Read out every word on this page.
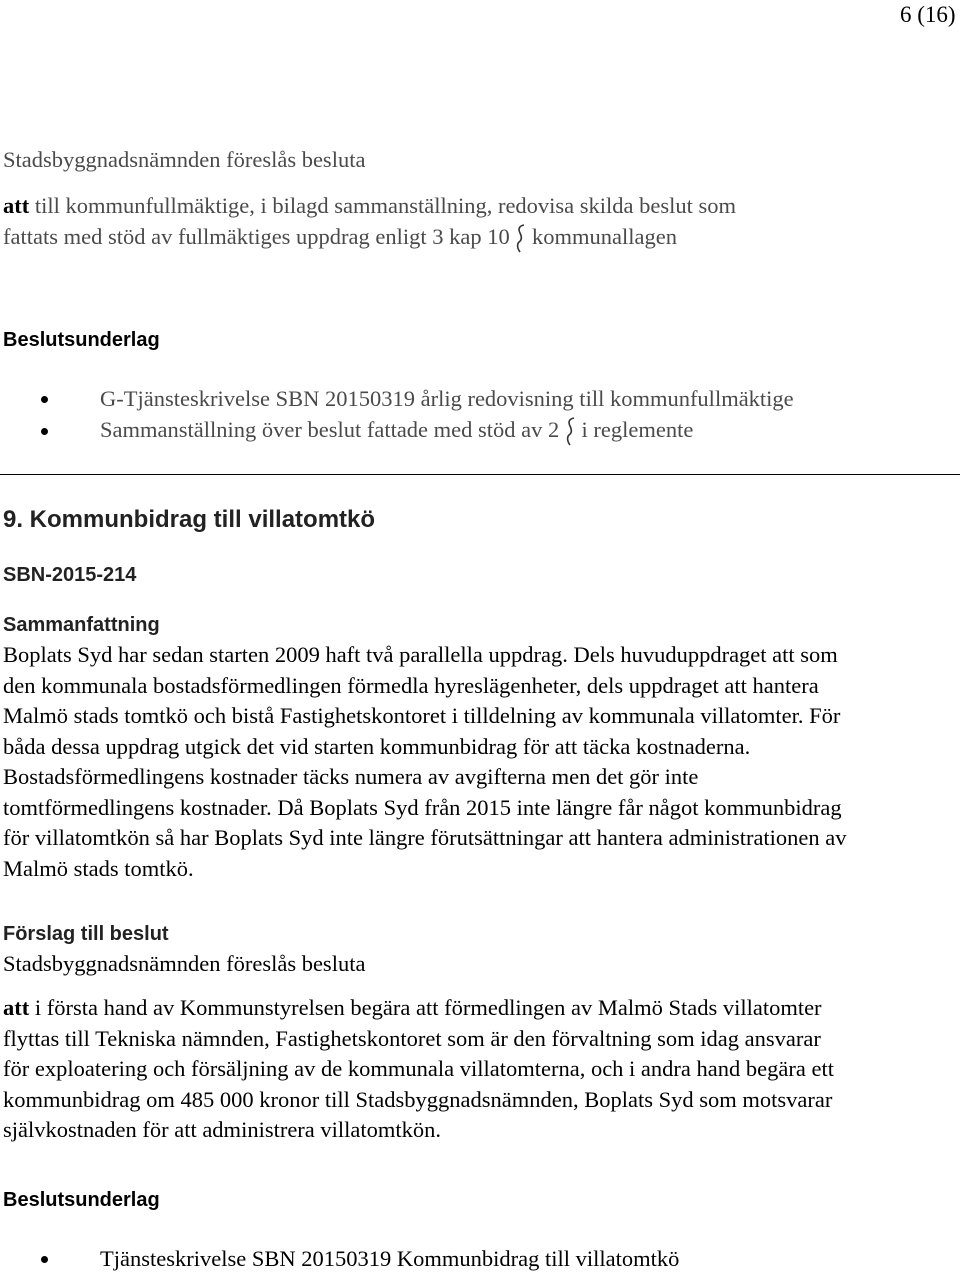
6 (16)
Stadsbyggnadsnämnden föreslås besluta
att till kommunfullmäktige, i bilagd sammanställning, redovisa skilda beslut som
fattats med stöd av fullmäktiges uppdrag enligt 3 kap 10
kommunallagen
Beslutsunderlag
G-Tjänsteskrivelse SBN 20150319 årlig redovisning till kommunfullmäktige
Sammanställning över beslut fattade med stöd av 2
i reglemente
9. Kommunbidrag till villatomtkö
SBN-2015-214
Sammanfattning
Boplats Syd har sedan starten 2009 haft två parallella uppdrag. Dels huvuduppdraget att som
den kommunala bostadsförmedlingen förmedla hyreslägenheter, dels uppdraget att hantera
Malmö stads tomtkö och bistå Fastighetskontoret i tilldelning av kommunala villatomter. För
båda dessa uppdrag utgick det vid starten kommunbidrag för att täcka kostnaderna.
Bostadsförmedlingens kostnader täcks numera av avgifterna men det gör inte
tomtförmedlingens kostnader. Då Boplats Syd från 2015 inte längre får något kommunbidrag
för villatomtkön så har Boplats Syd inte längre förutsättningar att hantera administrationen av
Malmö stads tomtkö.
Förslag till beslut
Stadsbyggnadsnämnden föreslås besluta
att i första hand av Kommunstyrelsen begära att förmedlingen av Malmö Stads villatomter
flyttas till Tekniska nämnden, Fastighetskontoret som är den förvaltning som idag ansvarar
för exploatering och försäljning av de kommunala villatomterna, och i andra hand begära ett
kommunbidrag om 485 000 kronor till Stadsbyggnadsnämnden, Boplats Syd som motsvarar
självkostnaden för att administrera villatomtkön.
Beslutsunderlag
Tjänsteskrivelse SBN 20150319 Kommunbidrag till villatomtkö
